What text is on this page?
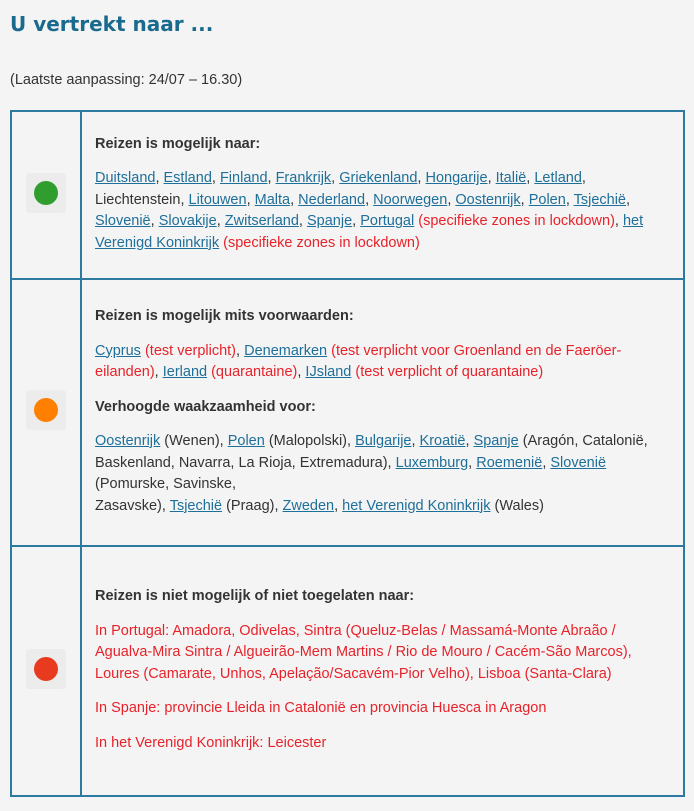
U vertrekt naar ...
(Laatste aanpassing: 24/07 – 16.30)

	Reizen is mogelijk naar:

Duitsland, Estland, Finland, Frankrijk, Griekenland, Hongarije, Italië, Letland, Liechtenstein, Litouwen, Malta, Nederland, Noorwegen, Oostenrijk, Polen, Tsjechië, Slovenië, Slovakije, Zwitserland, Spanje, Portugal (specifieke zones in lockdown), het Verenigd Koninkrijk (specifieke zones in lockdown)

	Reizen is mogelijk mits voorwaarden:

Cyprus (test verplicht), Denemarken (test verplicht voor Groenland en de Faeröer-eilanden), Ierland (quarantaine), IJsland (test verplicht of quarantaine)

Verhoogde waakzaamheid voor:

Oostenrijk (Wenen), Polen (Malopolski), Bulgarije, Kroatië, Spanje (Aragón, Catalonië, Baskenland, Navarra, La Rioja, Extremadura), Luxemburg, Roemenië, Slovenië (Pomurske, Savinske,
Zasavske), Tsjechië (Praag), Zweden, het Verenigd Koninkrijk (Wales)

	Reizen is niet mogelijk of niet toegelaten naar:

In Portugal: Amadora, Odivelas, Sintra (Queluz-Belas / Massamá-Monte Abraão / Agualva-Mira Sintra / Algueirão-Mem Martins / Rio de Mouro / Cacém-São Marcos), Loures (Camarate, Unhos, Apelação/Sacavém-Pior Velho), Lisboa (Santa-Clara)

In Spanje: provincie Lleida in Catalonië en provincia Huesca in Aragon

In het Verenigd Koninkrijk: Leicester
